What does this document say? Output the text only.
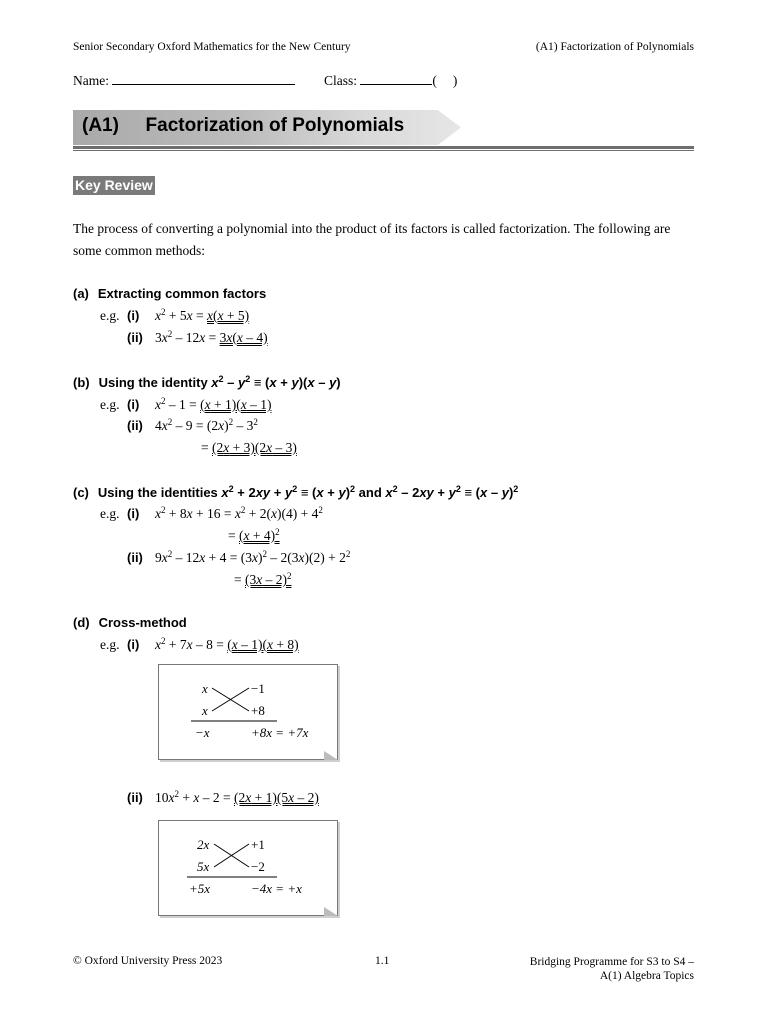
Senior Secondary Oxford Mathematics for the New Century	(A1) Factorization of Polynomials
Name:	Class:	( )
(A1) Factorization of Polynomials
Key Review
The process of converting a polynomial into the product of its factors is called factorization. The following are some common methods:
(a) Extracting common factors
e.g. (i) $x^2 + 5x = x(x + 5)$
(ii) $3x^2 - 12x = 3x(x - 4)$
(b) Using the identity $x^2 - y^2 \equiv (x + y)(x - y)$
e.g. (i) $x^2 - 1 = (x + 1)(x - 1)$
(ii) $4x^2 - 9 = (2x)^2 - 3^2$
= (2x + 3)(2x – 3)
(c) Using the identities $x^2 + 2xy + y^2 \equiv (x + y)^2$ and $x^2 - 2xy + y^2 \equiv (x - y)^2$
e.g. (i) $x^2 + 8x + 16 = x^2 + 2(x)(4) + 4^2$
= $(x + 4)^2$
(ii) $9x^2 - 12x + 4 = (3x)^2 - 2(3x)(2) + 2^2$
= (3x – 2)$^2$
(d) Cross-method
e.g. (i) $x^2 + 7x - 8 = (x - 1)(x + 8)$
x	−1
x	+8
−x	+8x = +7x
(ii) $10x^2 + x - 2 = (2x + 1)(5x - 2)$
2x	+1
5x	−2
+5x	−4x = +x
© Oxford University Press 2023	1.1	Bridging Programme for S3 to S4 –
A(1) Algebra Topics
